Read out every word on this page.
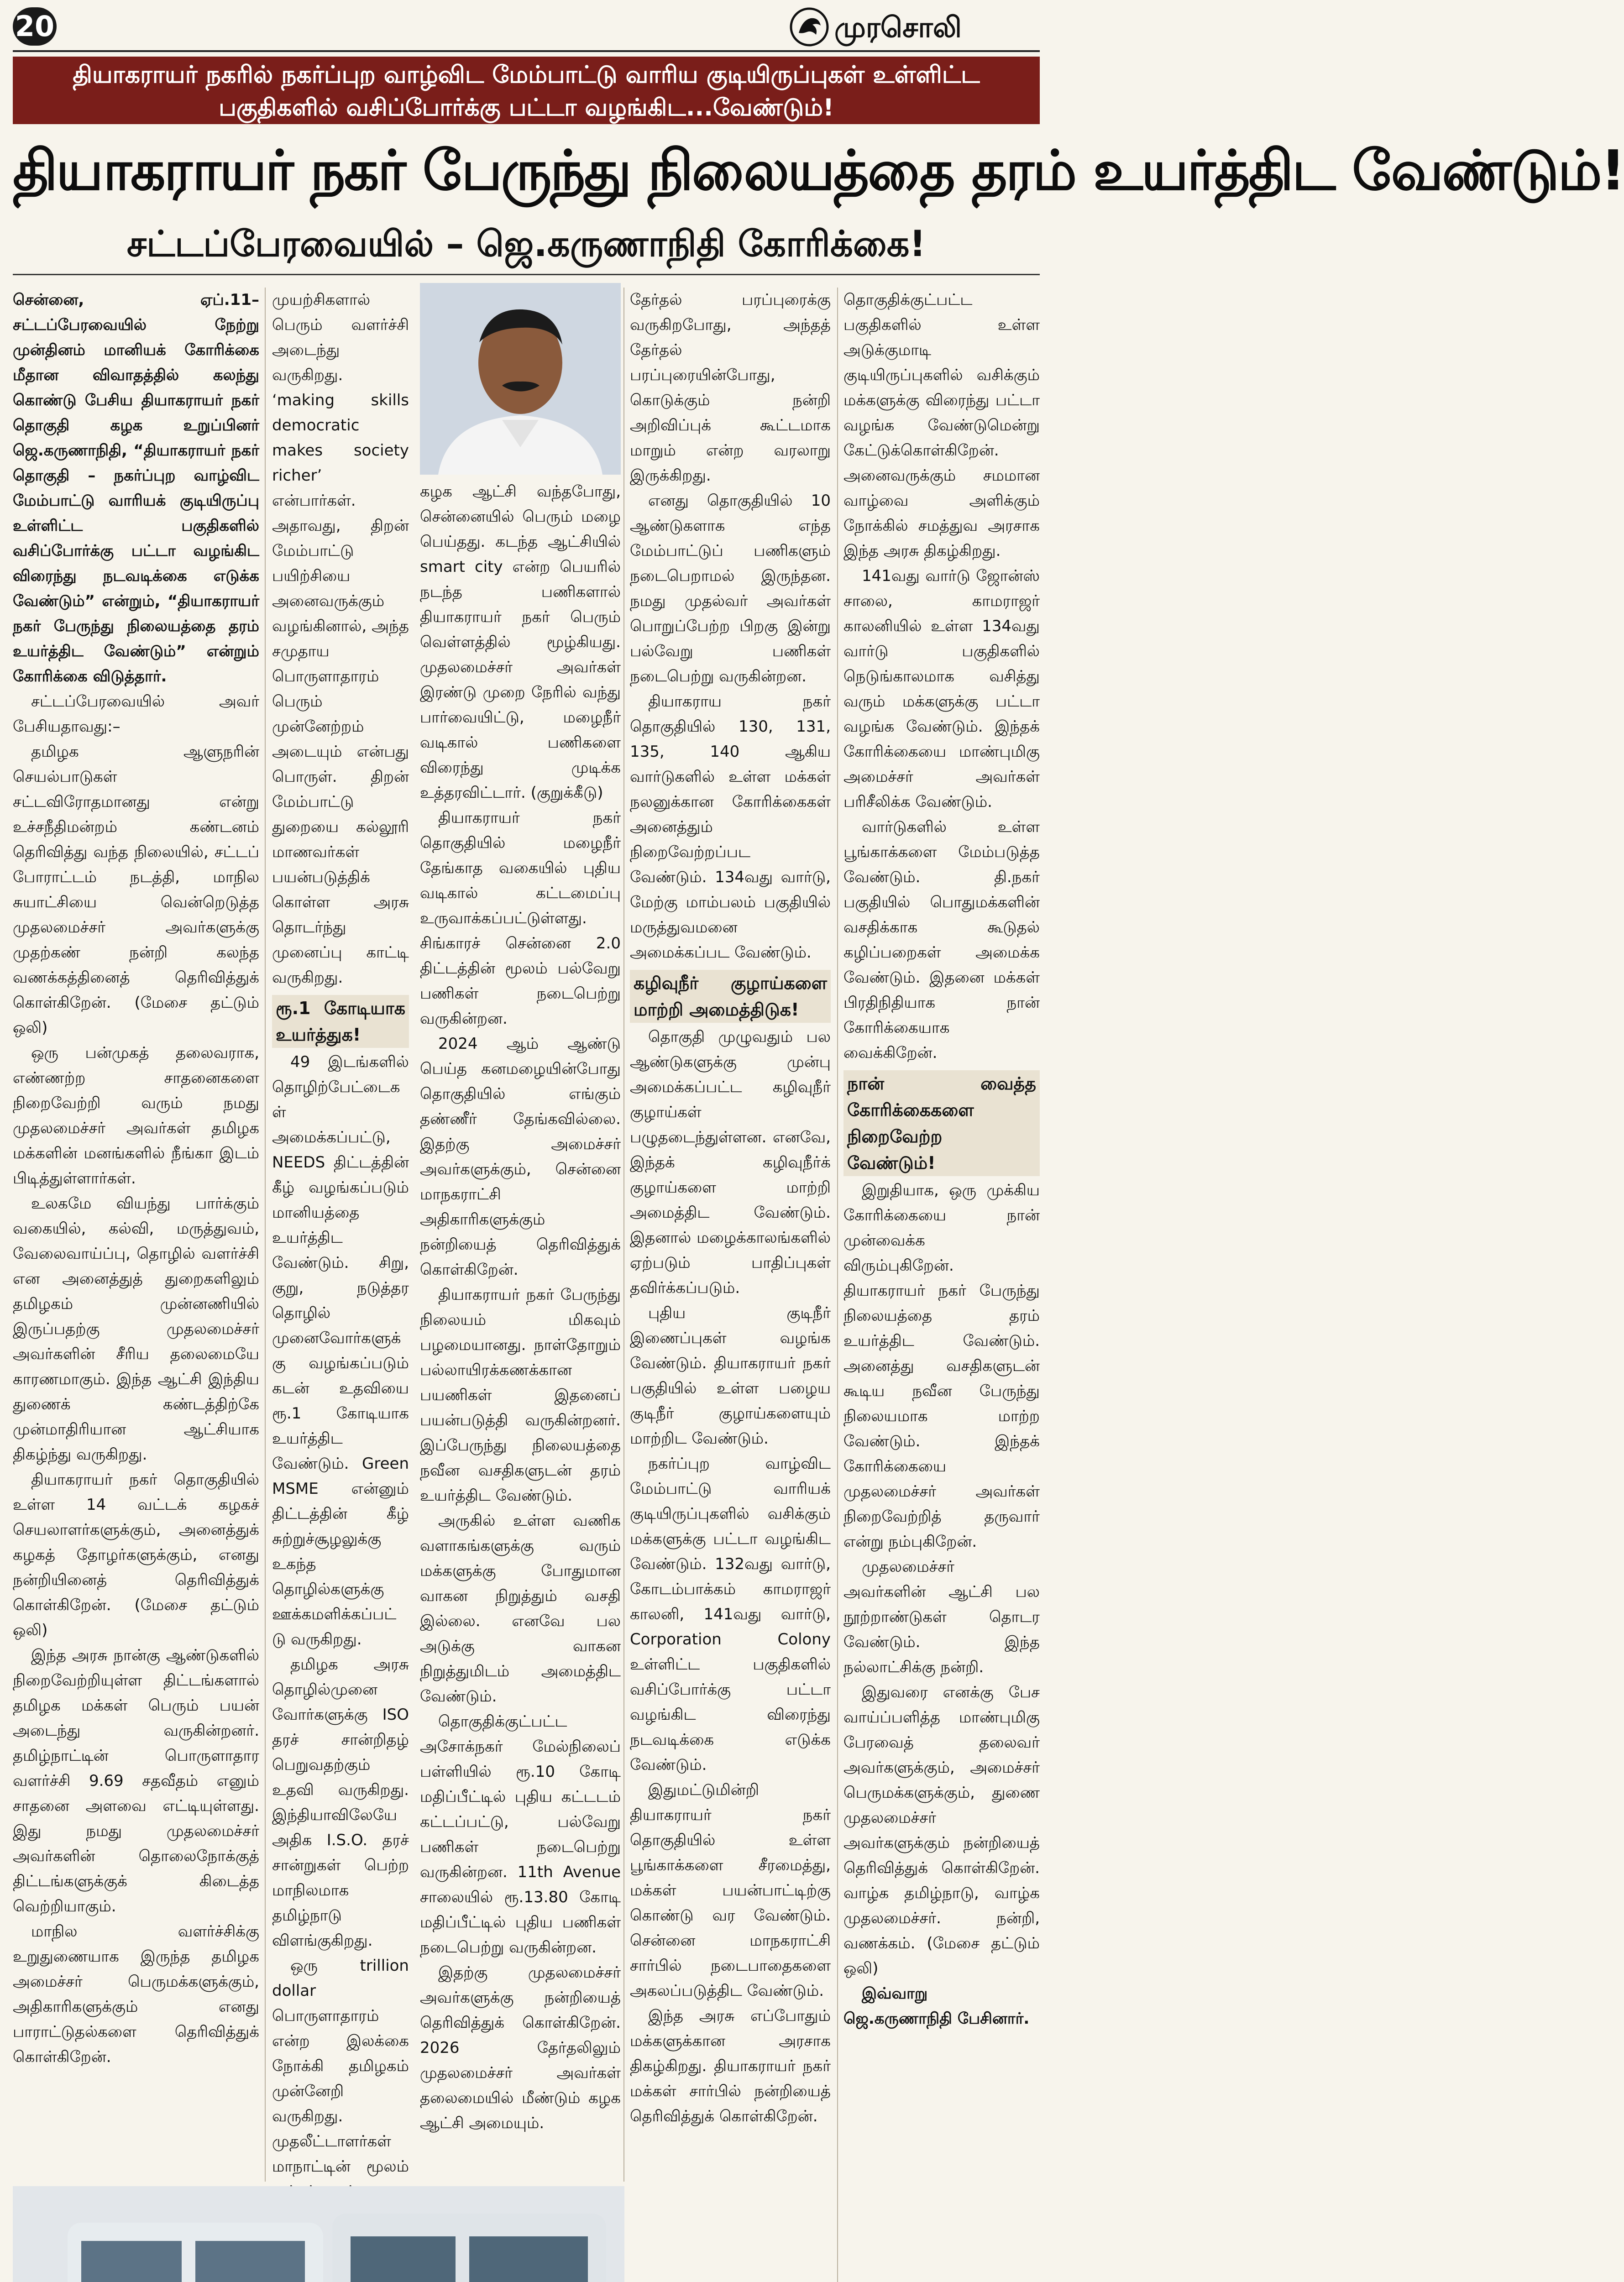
20	முரசொலி
தியாகராயர் நகரில் நகர்ப்புற வாழ்விட மேம்பாட்டு வாரிய குடியிருப்புகள் உள்ளிட்ட பகுதிகளில் வசிப்போர்க்கு பட்டா வழங்கிட...வேண்டும்!
தியாகராயர் நகர் பேருந்து நிலையத்தை தரம் உயர்த்திட வேண்டும்!
சட்டப்பேரவையில் – ஜெ.கருணாநிதி கோரிக்கை!

சென்னை, ஏப்.11– சட்டப்பேரவையில் நேற்று முன்தினம் மானியக் கோரிக்கை மீதான விவாதத்தில் கலந்து கொண்டு பேசிய தியாகராயர் நகர் தொகுதி கழக உறுப்பினர் ஜெ.கருணாநிதி, “தியாகராயர் நகர் தொகுதி – நகர்ப்புற வாழ்விட மேம்பாட்டு வாரியக் குடியிருப்பு உள்ளிட்ட பகுதிகளில் வசிப்போர்க்கு பட்டா வழங்கிட விரைந்து நடவடிக்கை எடுக்க வேண்டும்” என்றும், “தியாகராயர் நகர் பேருந்து நிலையத்தை தரம் உயர்த்திட வேண்டும்” என்றும் கோரிக்கை விடுத்தார்.

சட்டப்பேரவையில் அவர் பேசியதாவது:–

தமிழக ஆளுநரின் செயல்பாடுகள் சட்டவிரோதமானது என்று உச்சநீதிமன்றம் கண்டனம் தெரிவித்து வந்த நிலையில், சட்டப் போராட்டம் நடத்தி, மாநில சுயாட்சியை வென்றெடுத்த முதலமைச்சர் அவர்களுக்கு முதற்கண் நன்றி கலந்த வணக்கத்தினைத் தெரிவித்துக் கொள்கிறேன். (மேசை தட்டும் ஒலி)

ஒரு பன்முகத் தலைவராக, எண்ணற்ற சாதனைகளை நிறைவேற்றி வரும் நமது முதலமைச்சர் அவர்கள் தமிழக மக்களின் மனங்களில் நீங்கா இடம் பிடித்துள்ளார்கள்.

உலகமே வியந்து பார்க்கும் வகையில், கல்வி, மருத்துவம், வேலைவாய்ப்பு, தொழில் வளர்ச்சி என அனைத்துத் துறைகளிலும் தமிழகம் முன்னணியில் இருப்பதற்கு முதலமைச்சர் அவர்களின் சீரிய தலைமையே காரணமாகும். இந்த ஆட்சி இந்திய துணைக் கண்டத்திற்கே முன்மாதிரியான ஆட்சியாக திகழ்ந்து வருகிறது.

தியாகராயர் நகர் தொகுதியில் உள்ள 14 வட்டக் கழகச் செயலாளர்களுக்கும், அனைத்துக் கழகத் தோழர்களுக்கும், எனது நன்றியினைத் தெரிவித்துக் கொள்கிறேன். (மேசை தட்டும் ஒலி)

இந்த அரசு நான்கு ஆண்டுகளில் நிறைவேற்றியுள்ள திட்டங்களால் தமிழக மக்கள் பெரும் பயன் அடைந்து வருகின்றனர். தமிழ்நாட்டின் பொருளாதார வளர்ச்சி 9.69 சதவீதம் எனும் சாதனை அளவை எட்டியுள்ளது. இது நமது முதலமைச்சர் அவர்களின் தொலைநோக்குத் திட்டங்களுக்குக் கிடைத்த வெற்றியாகும்.

மாநில வளர்ச்சிக்கு உறுதுணையாக இருந்த தமிழக அமைச்சர் பெருமக்களுக்கும், அதிகாரிகளுக்கும் எனது பாராட்டுதல்களை தெரிவித்துக் கொள்கிறேன்.

முயற்சிகளால் பெரும் வளர்ச்சி அடைந்து வருகிறது. ‘making skills democratic makes society richer’ என்பார்கள். அதாவது, திறன் மேம்பாட்டு பயிற்சியை அனைவருக்கும் வழங்கினால், அந்த சமுதாய பொருளாதாரம் பெரும் முன்னேற்றம் அடையும் என்பது பொருள். திறன் மேம்பாட்டு துறையை கல்லூரி மாணவர்கள் பயன்படுத்திக் கொள்ள அரசு தொடர்ந்து முனைப்பு காட்டி வருகிறது.

ரூ.1 கோடியாக உயர்த்துக!

49 இடங்களில் தொழிற்பேட்டைகள் அமைக்கப்பட்டு, NEEDS திட்டத்தின் கீழ் வழங்கப்படும் மானியத்தை உயர்த்திட வேண்டும். சிறு, குறு, நடுத்தர தொழில் முனைவோர்களுக்கு வழங்கப்படும் கடன் உதவியை ரூ.1 கோடியாக உயர்த்திட வேண்டும். Green MSME என்னும் திட்டத்தின் கீழ் சுற்றுச்சூழலுக்கு உகந்த தொழில்களுக்கு ஊக்கமளிக்கப்பட்டு வருகிறது.

தமிழக அரசு தொழில்முனைவோர்களுக்கு ISO தரச் சான்றிதழ் பெறுவதற்கும் உதவி வருகிறது. இந்தியாவிலேயே அதிக I.S.O. தரச் சான்றுகள் பெற்ற மாநிலமாக தமிழ்நாடு விளங்குகிறது.

ஒரு trillion dollar பொருளாதாரம் என்ற இலக்கை நோக்கி தமிழகம் முன்னேறி வருகிறது. முதலீட்டாளர்கள் மாநாட்டின் மூலம்

கழக ஆட்சி வந்தபோது, சென்னையில் பெரும் மழை பெய்தது. கடந்த ஆட்சியில் smart city என்ற பெயரில் நடந்த பணிகளால் தியாகராயர் நகர் பெரும் வெள்ளத்தில் மூழ்கியது. முதலமைச்சர் அவர்கள் இரண்டு முறை நேரில் வந்து பார்வையிட்டு, மழைநீர் வடிகால் பணிகளை விரைந்து முடிக்க உத்தரவிட்டார். (குறுக்கீடு)

தியாகராயர் நகர் தொகுதியில் மழைநீர் தேங்காத வகையில் புதிய வடிகால் கட்டமைப்பு உருவாக்கப்பட்டுள்ளது. சிங்காரச் சென்னை 2.0 திட்டத்தின் மூலம் பல்வேறு பணிகள் நடைபெற்று வருகின்றன.

2024 ஆம் ஆண்டு பெய்த கனமழையின்போது தொகுதியில் எங்கும் தண்ணீர் தேங்கவில்லை. இதற்கு அமைச்சர் அவர்களுக்கும், சென்னை மாநகராட்சி அதிகாரிகளுக்கும் நன்றியைத் தெரிவித்துக் கொள்கிறேன்.

தியாகராயர் நகர் பேருந்து நிலையம் மிகவும் பழமையானது. நாள்தோறும் பல்லாயிரக்கணக்கான பயணிகள் இதனைப் பயன்படுத்தி வருகின்றனர். இப்பேருந்து நிலையத்தை நவீன வசதிகளுடன் தரம் உயர்த்திட வேண்டும்.

அருகில் உள்ள வணிக வளாகங்களுக்கு வரும் மக்களுக்கு போதுமான வாகன நிறுத்தும் வசதி இல்லை. எனவே பல அடுக்கு வாகன நிறுத்துமிடம் அமைத்திட வேண்டும்.

தொகுதிக்குட்பட்ட அசோக்நகர் மேல்நிலைப் பள்ளியில் ரூ.10 கோடி மதிப்பீட்டில் புதிய கட்டடம் கட்டப்பட்டு, பல்வேறு பணிகள் நடைபெற்று வருகின்றன. 11th Avenue சாலையில் ரூ.13.80 கோடி மதிப்பீட்டில் புதிய பணிகள் நடைபெற்று வருகின்றன.

இதற்கு முதலமைச்சர் அவர்களுக்கு நன்றியைத் தெரிவித்துக் கொள்கிறேன். 2026 தேர்தலிலும் முதலமைச்சர் அவர்கள் தலைமையில் மீண்டும் கழக ஆட்சி அமையும்.

தேர்தல் பரப்புரைக்கு வருகிறபோது, அந்தத் தேர்தல் பரப்புரையின்போது, கொடுக்கும் நன்றி அறிவிப்புக் கூட்டமாக மாறும் என்ற வரலாறு இருக்கிறது.

எனது தொகுதியில் 10 ஆண்டுகளாக எந்த மேம்பாட்டுப் பணிகளும் நடைபெறாமல் இருந்தன. நமது முதல்வர் அவர்கள் பொறுப்பேற்ற பிறகு இன்று பல்வேறு பணிகள் நடைபெற்று வருகின்றன.

தியாகராய நகர் தொகுதியில் 130, 131, 135, 140 ஆகிய வார்டுகளில் உள்ள மக்கள் நலனுக்கான கோரிக்கைகள் அனைத்தும் நிறைவேற்றப்பட வேண்டும். 134வது வார்டு, மேற்கு மாம்பலம் பகுதியில் மருத்துவமனை அமைக்கப்பட வேண்டும்.

கழிவுநீர் குழாய்களை மாற்றி அமைத்திடுக!

தொகுதி முழுவதும் பல ஆண்டுகளுக்கு முன்பு அமைக்கப்பட்ட கழிவுநீர் குழாய்கள் பழுதடைந்துள்ளன. எனவே, இந்தக் கழிவுநீர்க் குழாய்களை மாற்றி அமைத்திட வேண்டும். இதனால் மழைக்காலங்களில் ஏற்படும் பாதிப்புகள் தவிர்க்கப்படும்.

புதிய குடிநீர் இணைப்புகள் வழங்க வேண்டும். தியாகராயர் நகர் பகுதியில் உள்ள பழைய குடிநீர் குழாய்களையும் மாற்றிட வேண்டும்.

நகர்ப்புற வாழ்விட மேம்பாட்டு வாரியக் குடியிருப்புகளில் வசிக்கும் மக்களுக்கு பட்டா வழங்கிட வேண்டும். 132வது வார்டு, கோடம்பாக்கம் காமராஜர் காலனி, 141வது வார்டு, Corporation Colony உள்ளிட்ட பகுதிகளில் வசிப்போர்க்கு பட்டா வழங்கிட விரைந்து நடவடிக்கை எடுக்க வேண்டும்.

இதுமட்டுமின்றி தியாகராயர் நகர் தொகுதியில் உள்ள பூங்காக்களை சீரமைத்து, மக்கள் பயன்பாட்டிற்கு கொண்டு வர வேண்டும். சென்னை மாநகராட்சி சார்பில் நடைபாதைகளை அகலப்படுத்திட வேண்டும்.

இந்த அரசு எப்போதும் மக்களுக்கான அரசாக திகழ்கிறது. தியாகராயர் நகர் மக்கள் சார்பில் நன்றியைத் தெரிவித்துக் கொள்கிறேன்.

தொகுதிக்குட்பட்ட பகுதிகளில் உள்ள அடுக்குமாடி குடியிருப்புகளில் வசிக்கும் மக்களுக்கு விரைந்து பட்டா வழங்க வேண்டுமென்று கேட்டுக்கொள்கிறேன். அனைவருக்கும் சமமான வாழ்வை அளிக்கும் நோக்கில் சமத்துவ அரசாக இந்த அரசு திகழ்கிறது.

141வது வார்டு ஜோன்ஸ் சாலை, காமராஜர் காலனியில் உள்ள 134வது வார்டு பகுதிகளில் நெடுங்காலமாக வசித்து வரும் மக்களுக்கு பட்டா வழங்க வேண்டும். இந்தக் கோரிக்கையை மாண்புமிகு அமைச்சர் அவர்கள் பரிசீலிக்க வேண்டும்.

வார்டுகளில் உள்ள பூங்காக்களை மேம்படுத்த வேண்டும். தி.நகர் பகுதியில் பொதுமக்களின் வசதிக்காக கூடுதல் கழிப்பறைகள் அமைக்க வேண்டும். இதனை மக்கள் பிரதிநிதியாக நான் கோரிக்கையாக வைக்கிறேன்.

நான் வைத்த கோரிக்கைகளை நிறைவேற்ற வேண்டும்!

இறுதியாக, ஒரு முக்கிய கோரிக்கையை நான் முன்வைக்க விரும்புகிறேன். தியாகராயர் நகர் பேருந்து நிலையத்தை தரம் உயர்த்திட வேண்டும். அனைத்து வசதிகளுடன் கூடிய நவீன பேருந்து நிலையமாக மாற்ற வேண்டும். இந்தக் கோரிக்கையை முதலமைச்சர் அவர்கள் நிறைவேற்றித் தருவார் என்று நம்புகிறேன்.

முதலமைச்சர் அவர்களின் ஆட்சி பல நூற்றாண்டுகள் தொடர வேண்டும். இந்த நல்லாட்சிக்கு நன்றி.

இதுவரை எனக்கு பேச வாய்ப்பளித்த மாண்புமிகு பேரவைத் தலைவர் அவர்களுக்கும், அமைச்சர் பெருமக்களுக்கும், துணை முதலமைச்சர் அவர்களுக்கும் நன்றியைத் தெரிவித்துக் கொள்கிறேன். வாழ்க தமிழ்நாடு, வாழ்க முதலமைச்சர். நன்றி, வணக்கம். (மேசை தட்டும் ஒலி)

இவ்வாறு ஜெ.கருணாநிதி பேசினார்.
